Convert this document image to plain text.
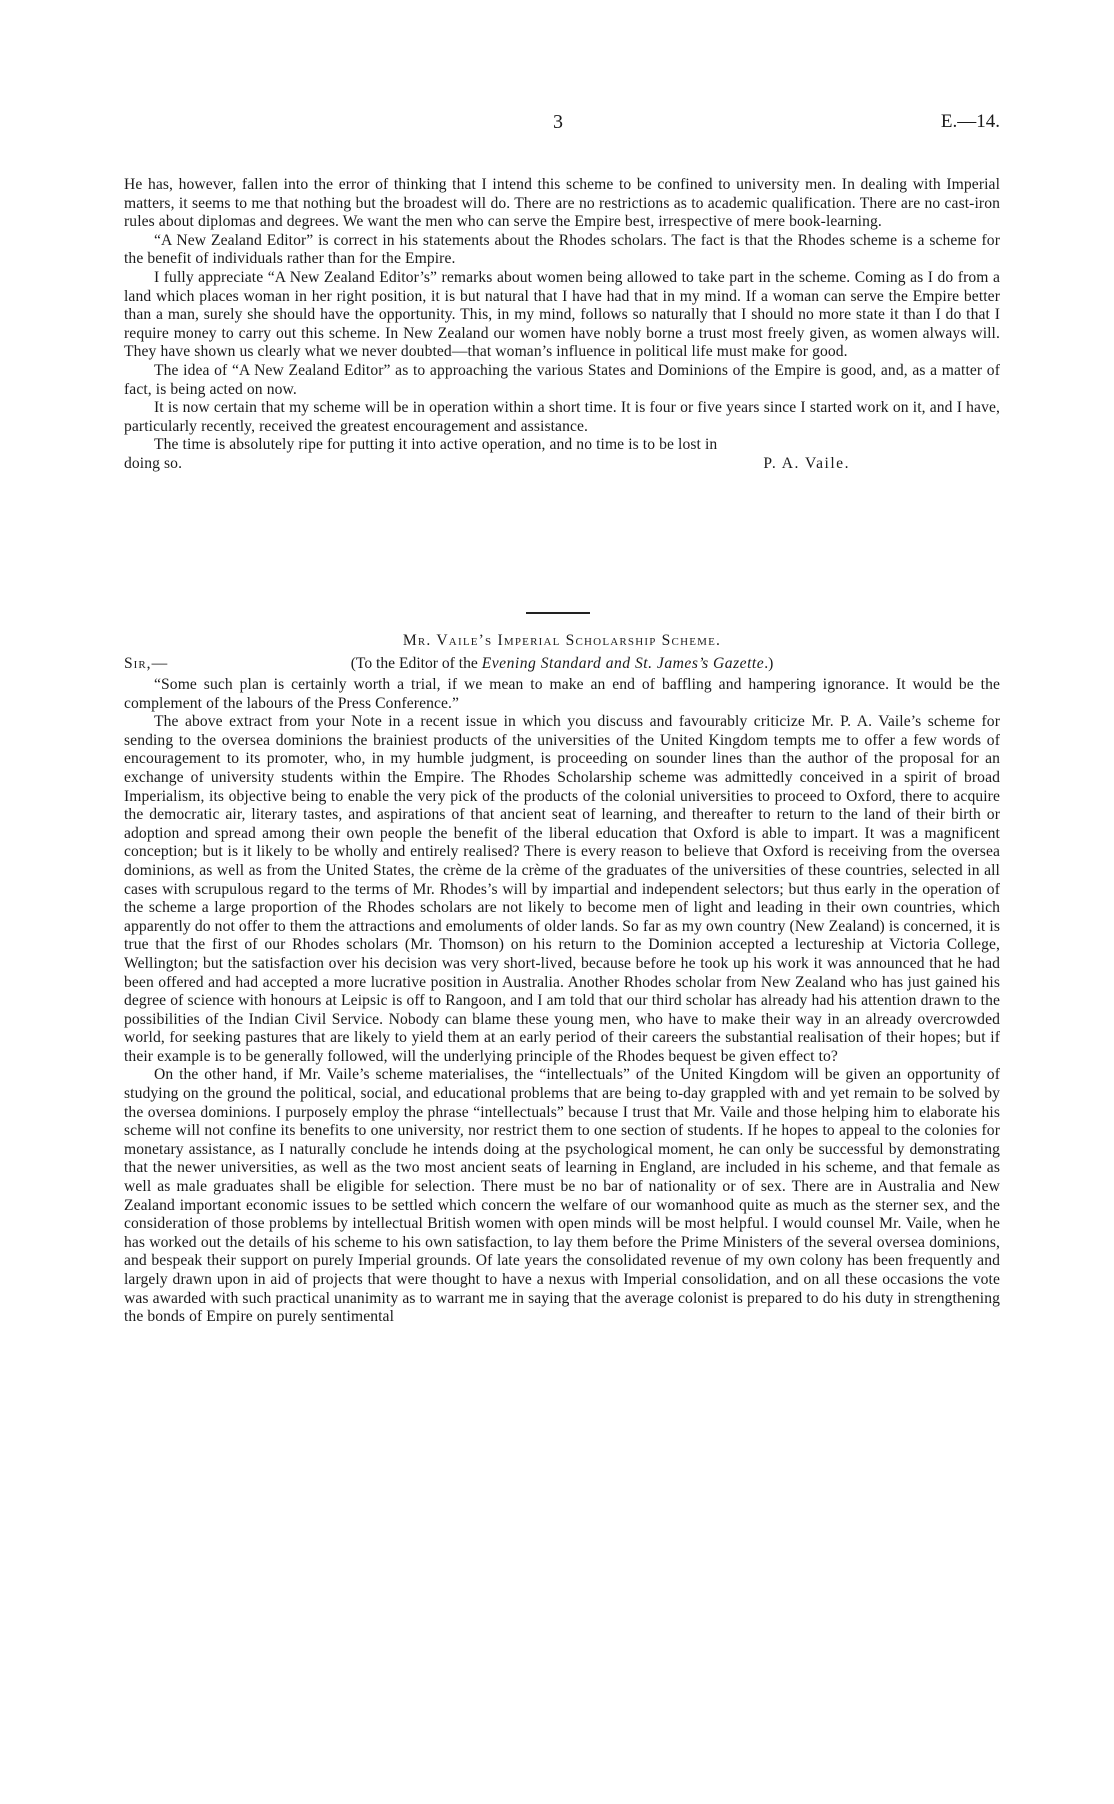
3	E.—14.

He has, however, fallen into the error of thinking that I intend this scheme to be confined to university men. In dealing with Imperial matters, it seems to me that nothing but the broadest will do. There are no restrictions as to academic qualification. There are no cast-iron rules about diplomas and degrees. We want the men who can serve the Empire best, irrespective of mere book-learning.

“A New Zealand Editor” is correct in his statements about the Rhodes scholars. The fact is that the Rhodes scheme is a scheme for the benefit of individuals rather than for the Empire.

I fully appreciate “A New Zealand Editor’s” remarks about women being allowed to take part in the scheme. Coming as I do from a land which places woman in her right position, it is but natural that I have had that in my mind. If a woman can serve the Empire better than a man, surely she should have the opportunity. This, in my mind, follows so naturally that I should no more state it than I do that I require money to carry out this scheme. In New Zealand our women have nobly borne a trust most freely given, as women always will. They have shown us clearly what we never doubted—that woman’s influence in political life must make for good.

The idea of “A New Zealand Editor” as to approaching the various States and Dominions of the Empire is good, and, as a matter of fact, is being acted on now.

It is now certain that my scheme will be in operation within a short time. It is four or five years since I started work on it, and I have, particularly recently, received the greatest encouragement and assistance.

The time is absolutely ripe for putting it into active operation, and no time is to be lost in

doing so.	P. A. Vaile.
Mr. Vaile’s Imperial Scholarship Scheme.
Sir,—	(To the Editor of the Evening Standard and St. James’s Gazette.)

“Some such plan is certainly worth a trial, if we mean to make an end of baffling and hampering ignorance. It would be the complement of the labours of the Press Conference.”

The above extract from your Note in a recent issue in which you discuss and favourably criticize Mr. P. A. Vaile’s scheme for sending to the oversea dominions the brainiest products of the universities of the United Kingdom tempts me to offer a few words of encouragement to its promoter, who, in my humble judgment, is proceeding on sounder lines than the author of the proposal for an exchange of university students within the Empire. The Rhodes Scholarship scheme was admittedly conceived in a spirit of broad Imperialism, its objective being to enable the very pick of the products of the colonial universities to proceed to Oxford, there to acquire the democratic air, literary tastes, and aspirations of that ancient seat of learning, and thereafter to return to the land of their birth or adoption and spread among their own people the benefit of the liberal education that Oxford is able to impart. It was a magnificent conception; but is it likely to be wholly and entirely realised? There is every reason to believe that Oxford is receiving from the oversea dominions, as well as from the United States, the crème de la crème of the graduates of the universities of these countries, selected in all cases with scrupulous regard to the terms of Mr. Rhodes’s will by impartial and independent selectors; but thus early in the operation of the scheme a large proportion of the Rhodes scholars are not likely to become men of light and leading in their own countries, which apparently do not offer to them the attractions and emoluments of older lands. So far as my own country (New Zealand) is concerned, it is true that the first of our Rhodes scholars (Mr. Thomson) on his return to the Dominion accepted a lectureship at Victoria College, Wellington; but the satisfaction over his decision was very short-lived, because before he took up his work it was announced that he had been offered and had accepted a more lucrative position in Australia. Another Rhodes scholar from New Zealand who has just gained his degree of science with honours at Leipsic is off to Rangoon, and I am told that our third scholar has already had his attention drawn to the possibilities of the Indian Civil Service. Nobody can blame these young men, who have to make their way in an already overcrowded world, for seeking pastures that are likely to yield them at an early period of their careers the substantial realisation of their hopes; but if their example is to be generally followed, will the underlying principle of the Rhodes bequest be given effect to?

On the other hand, if Mr. Vaile’s scheme materialises, the “intellectuals” of the United Kingdom will be given an opportunity of studying on the ground the political, social, and educational problems that are being to-day grappled with and yet remain to be solved by the oversea dominions. I purposely employ the phrase “intellectuals” because I trust that Mr. Vaile and those helping him to elaborate his scheme will not confine its benefits to one university, nor restrict them to one section of students. If he hopes to appeal to the colonies for monetary assistance, as I naturally conclude he intends doing at the psychological moment, he can only be successful by demonstrating that the newer universities, as well as the two most ancient seats of learning in England, are included in his scheme, and that female as well as male graduates shall be eligible for selection. There must be no bar of nationality or of sex. There are in Australia and New Zealand important economic issues to be settled which concern the welfare of our womanhood quite as much as the sterner sex, and the consideration of those problems by intellectual British women with open minds will be most helpful. I would counsel Mr. Vaile, when he has worked out the details of his scheme to his own satisfaction, to lay them before the Prime Ministers of the several oversea dominions, and bespeak their support on purely Imperial grounds. Of late years the consolidated revenue of my own colony has been frequently and largely drawn upon in aid of projects that were thought to have a nexus with Imperial consolidation, and on all these occasions the vote was awarded with such practical unanimity as to warrant me in saying that the average colonist is prepared to do his duty in strengthening the bonds of Empire on purely sentimental
